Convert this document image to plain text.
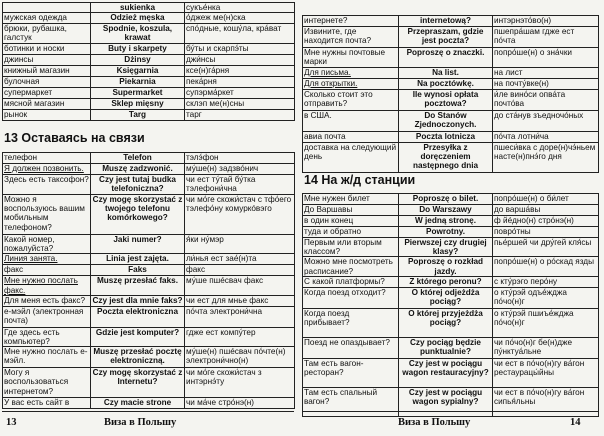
	sukienka	сукъе́нка
мужская одежда	Odzież męska	о́джеж ме(н)ска
брюки, рубашка, галстук	Spodnie, koszula, krawat	спо́дные, кошу́ла, кра́ват
ботинки и носки	Buty i skarpety	бу́ты и скарпэ́ты
джинсы	Dżinsy	джи́нсы
книжный магазин	Księgarnia	ксе(н)га́рня
булочная	Piekarnia	пека́рня
супермаркет	Supermarket	супэрма́ркет
мясной магазин	Sklep mięsny	склэп ме(н)сны
рынок	Targ	тарг
13 Оставаясь на связи
телефон	Telefon	тэлэ́фон
Я должен позвонить.	Muszę zadzwonić.	му́ше(н) задзво́нич
Здесь есть таксофон?	Czy jest tutaj budka telefoniczna?	чи ест ту́тай бу́тка тэлефони́чна
Можно я воспользуюсь вашим мобильным телефоном?	Czy mogę skorzystać z twojego telefonu komórkowego?	чи мо́ге скожи́стач с тфо́его тэлефо́ну комуркóвэго
Какой номер, пожалуйста?	Jaki numer?	я́ки ну́мэр
Линия занята.	Linia jest zajęta.	ли́нья ест зае́(н)та
факс	Faks	факс
Мне нужно послать факс.	Muszę przesłać faks.	му́ше пшéсвач факс
Для меня есть факс?	Czy jest dla mnie faks?	чи ест для мнье факс
е-мэйл (электронная почта)	Poczta elektroniczna	по́чта электрони́чна
Где здесь есть компьютер?	Gdzie jest komputer?	гдже ест компу́тер
Мне нужно послать е-мэйл.	Muszę przesłać pocztę elektroniczną.	му́ше(н) пшéсвач по́чте(н) электрони́чно(н)
Могу я воспользоваться интернетом?	Czy mogę skorzystać z Internetu?	чи мо́ге скожи́стач з интэрнэ́ту
У вас есть сайт в	Czy macie strone	чи ма́че стро́нэ(н)
13	Виза в Польшу
интернете?	internetową?	интэрнэто́во(н)
Извините, где находится почта?	Przepraszam, gdzie jest poczta?	пшепра́шам гдже ест по́чта
Мне нужны почтовые марки	Poproszę o znaczki.	попро́ше(н) о зна́чки
Для письма.	Na list.	на лист
Для открытки.	Na pocztówkę.	на почту́вке(н)
Сколько стоит это отправить?	Ile wynosi opłata pocztowa?	и́ле вино́си опва́та почто́ва
в США.	Do Stanów Zjednoczonych.	до ста́нув зъедночо́ных
авиа почта	Poczta lotnicza	по́чта лотни́ча
доставка на следующий день	Przesyłka z doręczeniem następnego dnia	пшеси́вка с доре(н)чэ́ньем насте(н)пнэ́го дня
14 На ж/д станции
Мне нужен билет	Poproszę o bilet.	попро́ше(н) о би́лет
До Варшавы	Do Warszawy	до варша́вы
в один конец	W jedną stronę.	ф йéдно(н) стро́нэ(н)
туда и обратно	Powrotny.	повро́тны
Первым или вторым классом?	Pierwszej czy drugiej klasy?	пье́ршей чи дру́гей кля́сы
Можно мне посмотреть расписание?	Poproszę o rozkład jazdy.	попро́ше(н) о ро́скад язды
С какой платформы?	Z którego peronu?	с кту́рэго перо́ну
Когда поезд отходит?	O której odjeżdża pociąg?	о кту́рэй одъе́жджа по́чо(н)г
Когда поезд прибывает?	O której przyjeżdża pociąg?	о кту́рэй пшиъе́жджа по́чо(н)г
Поезд не опаздывает?	Czy pociąg będzie punktualnie?	чи по́чо(н)г бе(н)дже пу́нктуа́льне
Там есть вагон-ресторан?	Czy jest w pociągu wagon restauracyjny?	чи ест в по́чо(н)гу ва́гон рестаурацы́йны
Там есть спальный вагон?	Czy jest w pociągu wagon sypialny?	чи ест в по́чо(н)гу ва́гон сипья́льны
Виза в Польшу	14
